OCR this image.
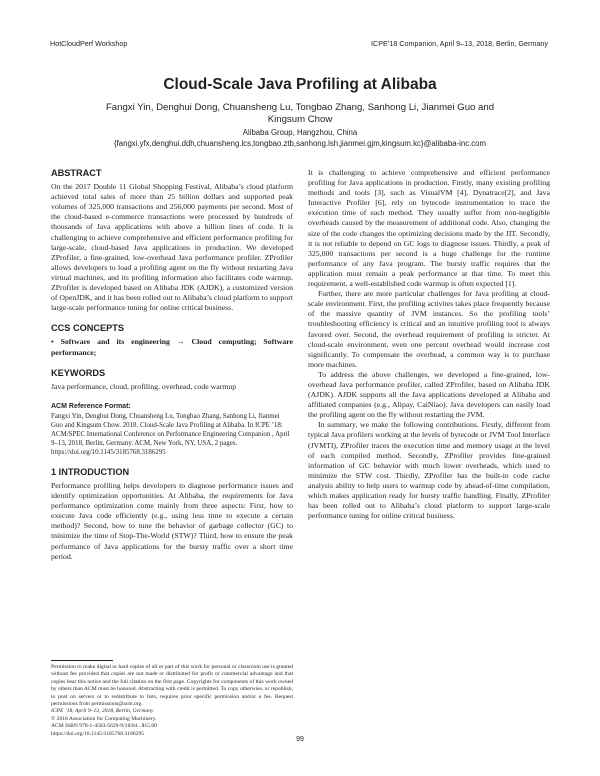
HotCloudPerf Workshop	ICPE’18 Companion, April 9–13, 2018, Berlin, Germany
Cloud-Scale Java Profiling at Alibaba
Fangxi Yin, Denghui Dong, Chuansheng Lu, Tongbao Zhang, Sanhong Li, Jianmei Guo and Kingsum Chow
Alibaba Group, Hangzhou, China
{fangxi.yfx,denghui.ddh,chuansheng.lcs,tongbao.ztb,sanhong.lsh,jianmei.gjm,kingsum.kc}@alibaba-inc.com
ABSTRACT

On the 2017 Double 11 Global Shopping Festival, Alibaba’s cloud platform achieved total sales of more than 25 billion dollars and supported peak volumes of 325,000 transactions and 256,000 payments per second. Most of the cloud-based e-commerce transactions were processed by hundreds of thousands of Java applications with above a billion lines of code. It is challenging to achieve comprehensive and efficient performance profiling for large-scale, cloud-based Java applications in production. We developed ZProfiler, a fine-grained, low-overhead Java performance profiler. ZProfiler allows developers to load a profiling agent on the fly without restarting Java virtual machines, and its profiling information also facilitates code warmup. ZProfiler is developed based on Alibaba JDK (AJDK), a customized version of OpenJDK, and it has been rolled out to Alibaba’s cloud platform to support large-scale performance tuning for online critical business.

CCS CONCEPTS

• Software and its engineering → Cloud computing; Software performance;

KEYWORDS

Java performance, cloud, profiling, overhead, code warmup

ACM Reference Format:
Fangxi Yin, Denghui Dong, Chuansheng Lu, Tongbao Zhang, Sanhong Li, Jianmei Guo and Kingsum Chow. 2018. Cloud-Scale Java Profiling at Alibaba. In ICPE ’18: ACM/SPEC International Conference on Performance Engineering Companion , April 9–13, 2018, Berlin, Germany. ACM, New York, NY, USA, 2 pages. https://doi.org/10.1145/3185768.3186295
1 INTRODUCTION

Performance profiling helps developers to diagnose performance issues and identify optimization opportunities. At Alibaba, the requirements for Java performance optimization come mainly from three aspects: First, how to execute Java code efficiently (e.g., using less time to execute a certain method)? Second, how to tune the behavior of garbage collector (GC) to minimize the time of Stop-The-World (STW)? Third, how to ensure the peak performance of Java applications for the bursty traffic over a short time period.

Permission to make digital or hard copies of all or part of this work for personal or classroom use is granted without fee provided that copies are not made or distributed for profit or commercial advantage and that copies bear this notice and the full citation on the first page. Copyrights for components of this work owned by others than ACM must be honored. Abstracting with credit is permitted. To copy otherwise, or republish, to post on servers or to redistribute to lists, requires prior specific permission and/or a fee. Request permissions from permissions@acm.org.

ICPE ’18, April 9–13, 2018, Berlin, Germany

© 2018 Association for Computing Machinery.

ACM ISBN 978-1-4503-5629-9/18/04...$15.00

https://doi.org/10.1145/3185768.3186295

It is challenging to achieve comprehensive and efficient performance profiling for Java applications in production. Firstly, many existing profiling methods and tools [3], such as VisualVM [4], Dynatrace[2], and Java Interactive Profiler [6], rely on bytecode instrumentation to trace the execution time of each method. They usually suffer from non-negligible overheads caused by the measurement of additional code. Also, changing the size of the code changes the optimizing decisions made by the JIT. Secondly, it is not reliable to depend on GC logs to diagnose issues. Thirdly, a peak of 325,000 transactions per second is a huge challenge for the runtime performance of any Java program. The bursty traffic requires that the application must remain a peak performance at that time. To meet this requirement, a well-established code warmup is often expected [1].

Further, there are more particular challenges for Java profiling at cloud-scale environment. First, the profiling activites takes place frequently because of the massive quantity of JVM instances. So the profiling tools’ troubleshooting efficiency is critical and an intuitive profiling tool is always favored over. Second, the overhead requirement of profiling is stricter. At cloud-scale environment, even one percent overhead would increase cost significantly. To compensate the overhead, a common way is to purchase more machines.

To address the above challenges, we developed a fine-grained, low-overhead Java performance profiler, called ZProfiler, based on Alibaba JDK (AJDK). AJDK supports all the Java applications developed at Alibaba and affiliated companies (e.g., Alipay, CaiNiao). Java developers can easily load the profiling agent on the fly without restarting the JVM.

In summary, we make the following contributions. Firstly, different from typical Java profilers working at the levels of bytecode or JVM Tool Interface (JVMTI), ZProfiler traces the execution time and memory usage at the level of each compiled method. Secondly, ZProfiler provides fine-grained information of GC behavior with much lower overheads, which used to minimize the STW cost. Thirdly, ZProfiler has the built-in code cache analysis ability to help users to warmup code by ahead-of-time compilation, which makes application ready for bursty traffic handling. Finally, ZProfiler has been rolled out to Alibaba’s cloud platform to support large-scale performance tuning for online critical business.

99
